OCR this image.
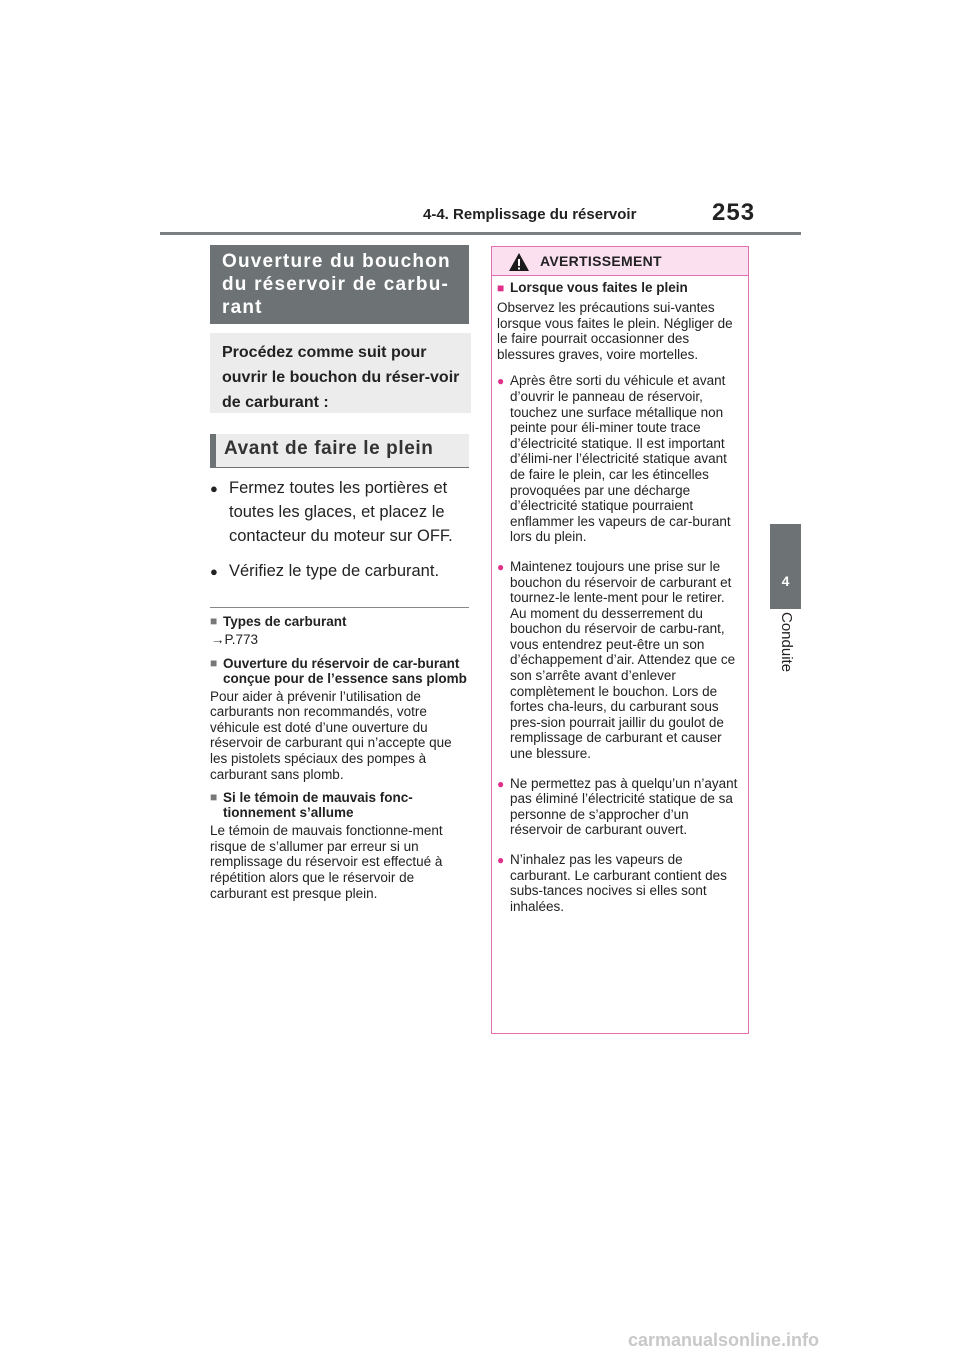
4-4. Remplissage du réservoir	253
4
Conduite
Ouverture du bouchon du réservoir de carbu-rant
Procédez comme suit pour ouvrir le bouchon du réser-voir de carburant :
Avant de faire le plein
● Fermez toutes les portières et toutes les glaces, et placez le contacteur du moteur sur OFF.
● Vérifiez le type de carburant.
■ Types de carburant
→P.773
■ Ouverture du réservoir de car-burant conçue pour de l’essence sans plomb
Pour aider à prévenir l’utilisation de carburants non recommandés, votre véhicule est doté d’une ouverture du réservoir de carburant qui n’accepte que les pistolets spéciaux des pompes à carburant sans plomb.
■ Si le témoin de mauvais fonc-tionnement s’allume
Le témoin de mauvais fonctionne-ment risque de s’allumer par erreur si un remplissage du réservoir est effectué à répétition alors que le réservoir de carburant est presque plein.
AVERTISSEMENT
■ Lorsque vous faites le plein
Observez les précautions sui-vantes lorsque vous faites le plein. Négliger de le faire pourrait occasionner des blessures graves, voire mortelles.
● Après être sorti du véhicule et avant d’ouvrir le panneau de réservoir, touchez une surface métallique non peinte pour éli-miner toute trace d’électricité statique. Il est important d’élimi-ner l’électricité statique avant de faire le plein, car les étincelles provoquées par une décharge d’électricité statique pourraient enflammer les vapeurs de car-burant lors du plein.
● Maintenez toujours une prise sur le bouchon du réservoir de carburant et tournez-le lente-ment pour le retirer. Au moment du desserrement du bouchon du réservoir de carbu-rant, vous entendrez peut-être un son d’échappement d’air. Attendez que ce son s’arrête avant d’enlever complètement le bouchon. Lors de fortes cha-leurs, du carburant sous pres-sion pourrait jaillir du goulot de remplissage de carburant et causer une blessure.
● Ne permettez pas à quelqu’un n’ayant pas éliminé l’électricité statique de sa personne de s’approcher d’un réservoir de carburant ouvert.
● N’inhalez pas les vapeurs de carburant. Le carburant contient des subs-tances nocives si elles sont inhalées.
carmanualsonline.info
